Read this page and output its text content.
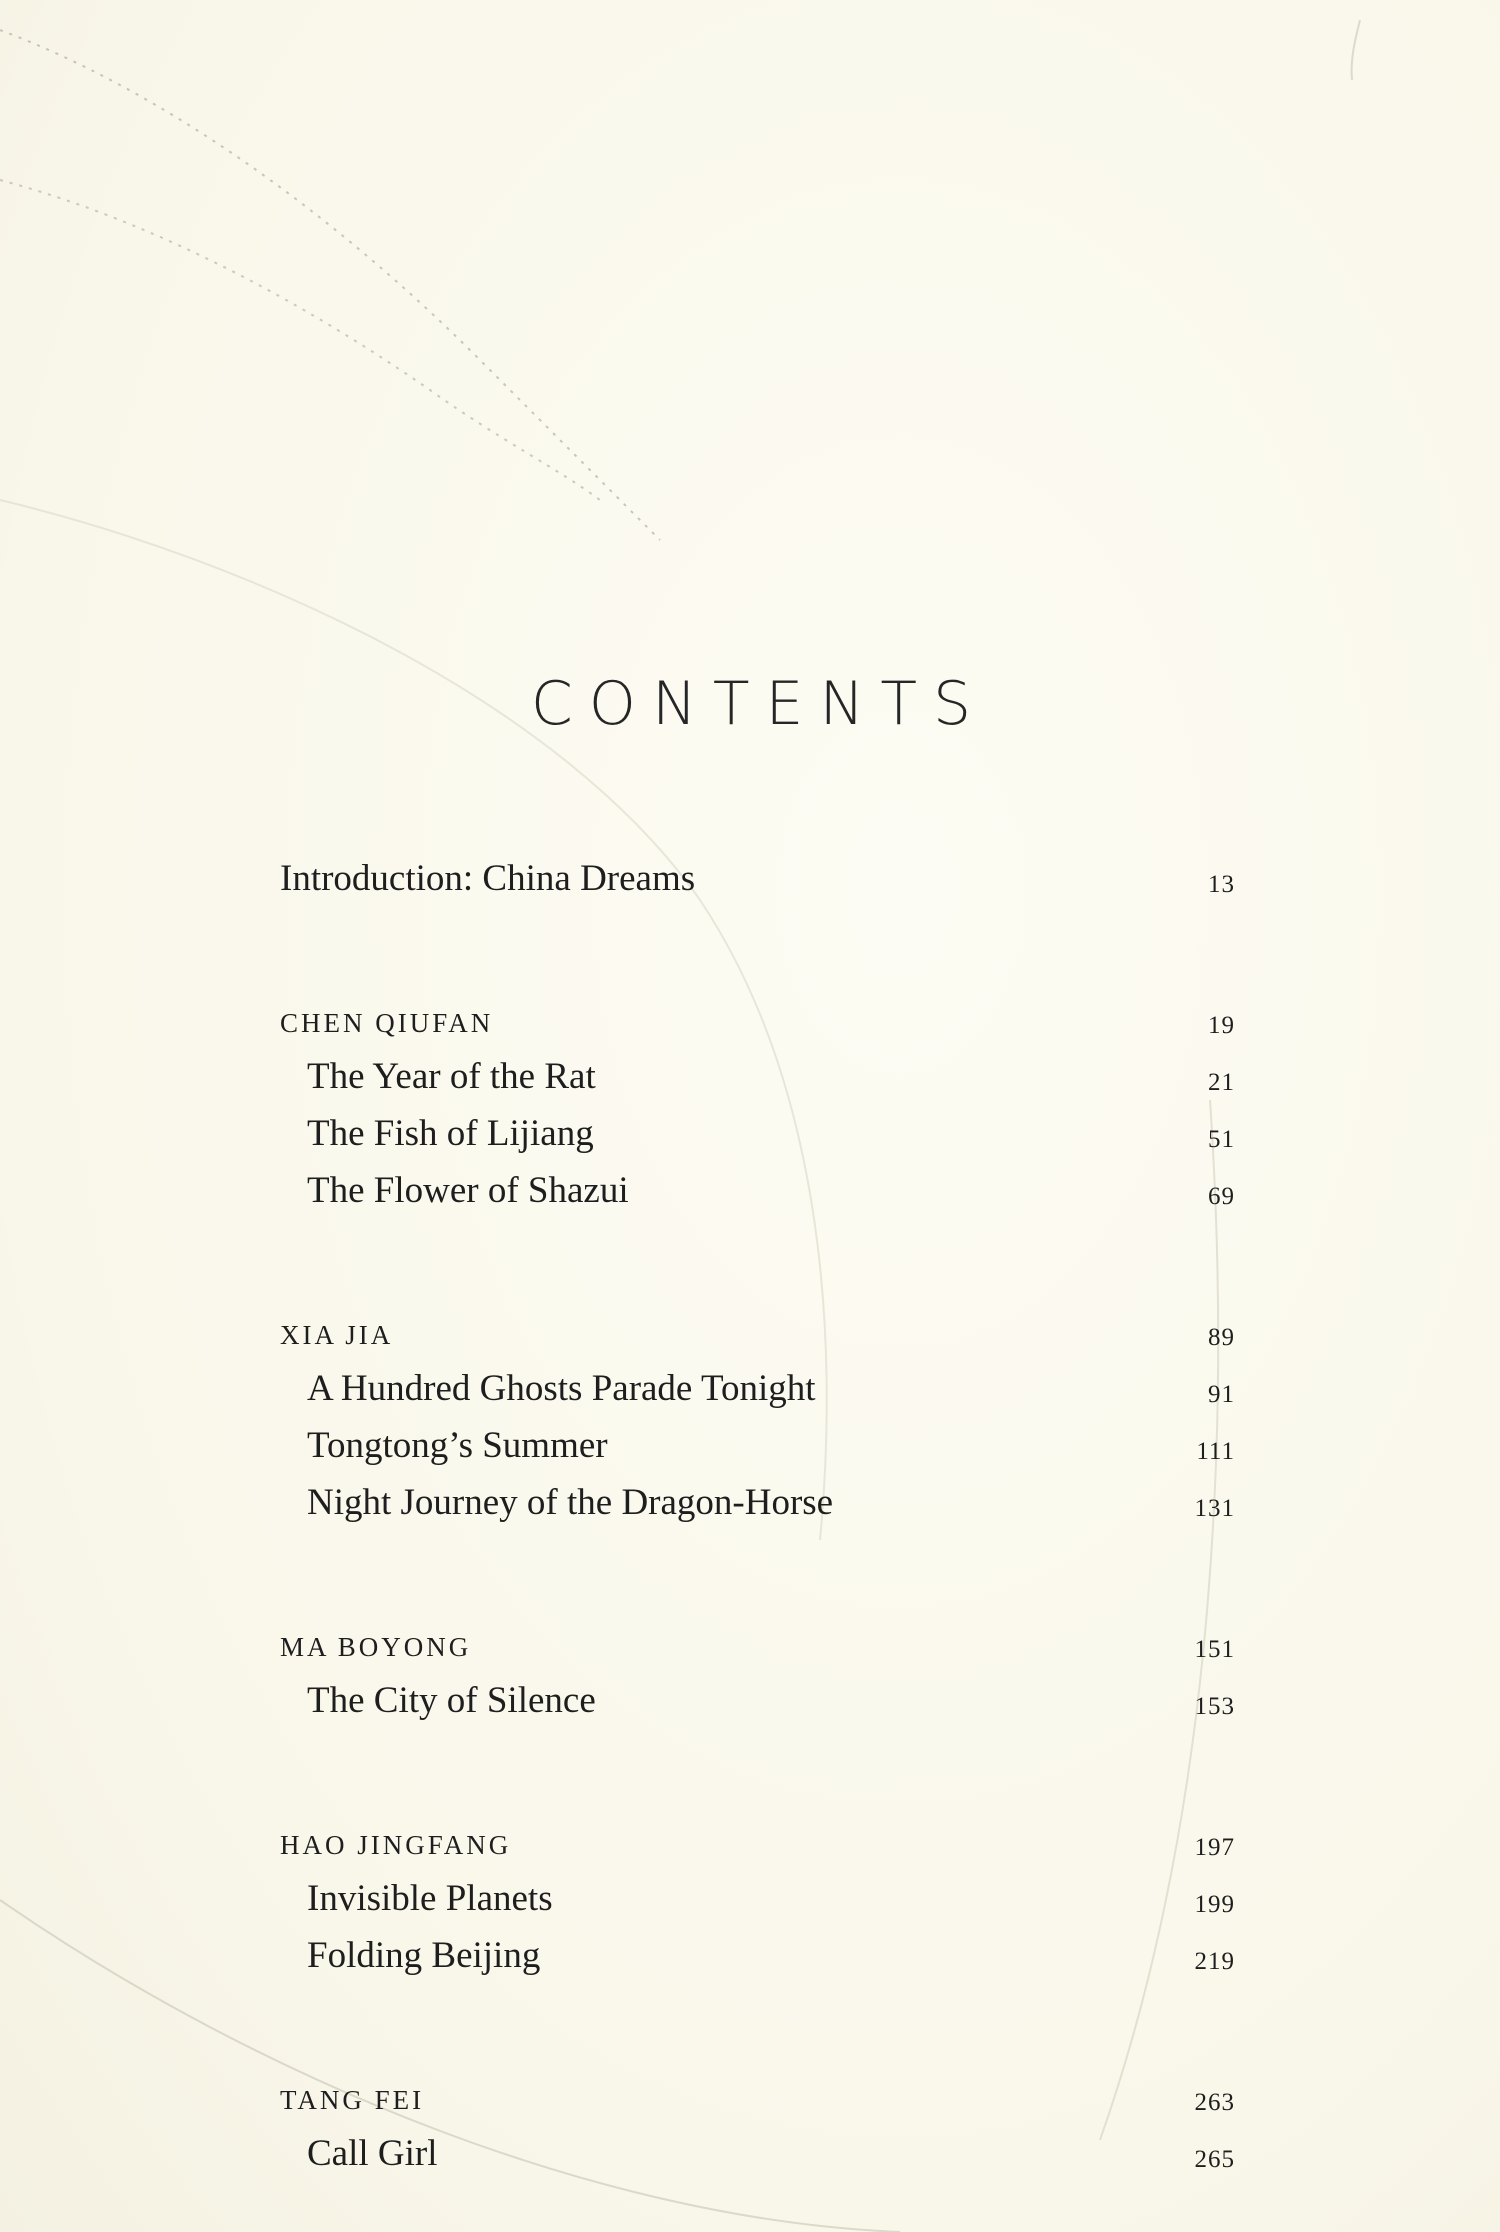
CONTENTS
Introduction: China Dreams	13
CHEN QIUFAN	19
The Year of the Rat	21
The Fish of Lijiang	51
The Flower of Shazui	69
XIA JIA	89
A Hundred Ghosts Parade Tonight	91
Tongtong’s Summer	111
Night Journey of the Dragon-Horse	131
MA BOYONG	151
The City of Silence	153
HAO JINGFANG	197
Invisible Planets	199
Folding Beijing	219
TANG FEI	263
Call Girl	265
